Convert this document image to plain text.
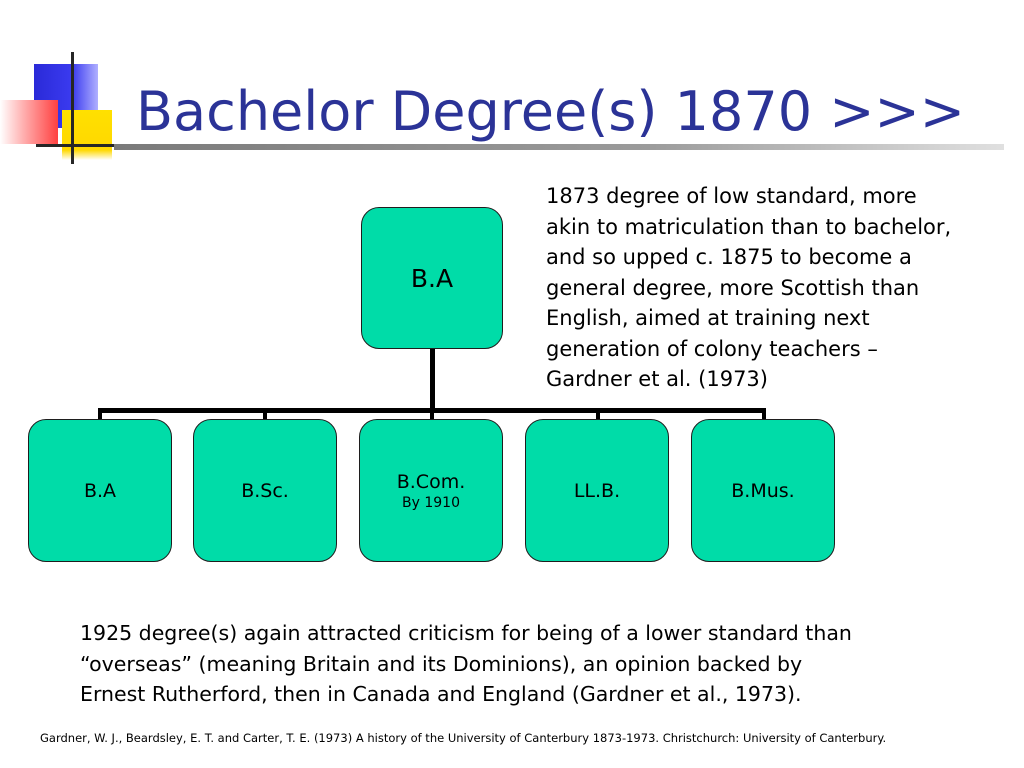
Bachelor Degree(s) 1870 >>>
B.A
B.A	B.Sc.	B.Com.
By 1910
LL.B.	B.Mus.
1873 degree of low standard, more
akin to matriculation than to bachelor,
and so upped c. 1875 to become a
general degree, more Scottish than
English, aimed at training next
generation of colony teachers –
Gardner et al. (1973)
1925 degree(s) again attracted criticism for being of a lower standard than
“overseas” (meaning Britain and its Dominions), an opinion backed by
Ernest Rutherford, then in Canada and England (Gardner et al., 1973).
Gardner, W. J., Beardsley, E. T. and Carter, T. E. (1973) A history of the University of Canterbury 1873-1973. Christchurch: University of Canterbury.
